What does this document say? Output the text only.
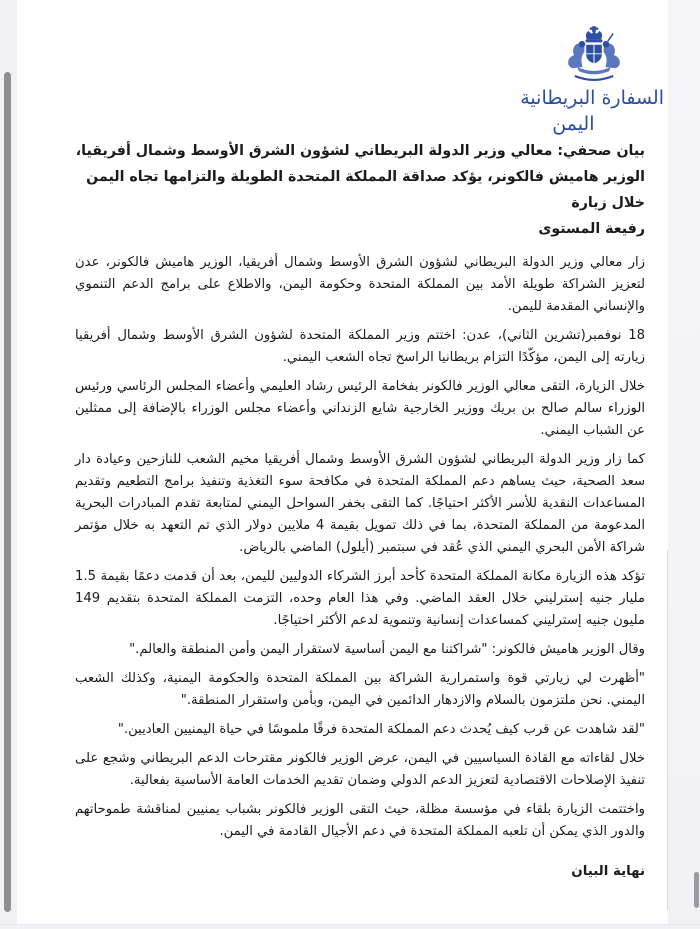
السفارة البريطانية
اليمن
بيان صحفي: معالي وزير الدولة البريطاني لشؤون الشرق الأوسط وشمال أفريقيا،
الوزير هاميش فالكونر، يؤكد صداقة المملكة المتحدة الطويلة والتزامها تجاه اليمن خلال زيارة
رفيعة المستوى

زار معالي وزير الدولة البريطاني لشؤون الشرق الأوسط وشمال أفريقيا، الوزير هاميش فالكونر، عدن لتعزيز الشراكة طويلة الأمد بين المملكة المتحدة وحكومة اليمن، والاطلاع على برامج الدعم التنموي والإنساني المقدمة لليمن.

18 نوفمبر(تشرين الثاني)، عدن: اختتم وزير المملكة المتحدة لشؤون الشرق الأوسط وشمال أفريقيا زيارته إلى اليمن، مؤكّدًا التزام بريطانيا الراسخ تجاه الشعب اليمني.

خلال الزيارة، التقى معالي الوزير فالكونر بفخامة الرئيس رشاد العليمي وأعضاء المجلس الرئاسي ورئيس الوزراء سالم صالح بن بريك ووزير الخارجية شايع الزنداني وأعضاء مجلس الوزراء بالإضافة إلى ممثلين عن الشباب اليمني.

كما زار وزير الدولة البريطاني لشؤون الشرق الأوسط وشمال أفريقيا مخيم الشعب للنازحين وعيادة دار سعد الصحية، حيث يساهم دعم المملكة المتحدة في مكافحة سوء التغذية وتنفيذ برامج التطعيم وتقديم المساعدات النقدية للأسر الأكثر احتياجًا. كما التقى بخفر السواحل اليمني لمتابعة تقدم المبادرات البحرية المدعومة من المملكة المتحدة، بما في ذلك تمويل بقيمة 4 ملايين دولار الذي تم التعهد به خلال مؤتمر شراكة الأمن البحري اليمني الذي عُقد في سبتمبر (أيلول) الماضي بالرياض.

تؤكد هذه الزيارة مكانة المملكة المتحدة كأحد أبرز الشركاء الدوليين لليمن، بعد أن قدمت دعمًا بقيمة 1.5 مليار جنيه إسترليني خلال العقد الماضي. وفي هذا العام وحده، التزمت المملكة المتحدة بتقديم 149 مليون جنيه إسترليني كمساعدات إنسانية وتنموية لدعم الأكثر احتياجًا.

وقال الوزير هاميش فالكونر: "شراكتنا مع اليمن أساسية لاستقرار اليمن وأمن المنطقة والعالم."

"أظهرت لي زيارتي قوة واستمرارية الشراكة بين المملكة المتحدة والحكومة اليمنية، وكذلك الشعب اليمني. نحن ملتزمون بالسلام والازدهار الدائمين في اليمن، وبأمن واستقرار المنطقة."

"لقد شاهدت عن قرب كيف يُحدث دعم المملكة المتحدة فرقًا ملموسًا في حياة اليمنيين العاديين."

خلال لقاءاته مع القادة السياسيين في اليمن، عرض الوزير فالكونر مقترحات الدعم البريطاني وشجع على تنفيذ الإصلاحات الاقتصادية لتعزيز الدعم الدولي وضمان تقديم الخدمات العامة الأساسية بفعالية.

واختتمت الزيارة بلقاء في مؤسسة مظلة، حيث التقى الوزير فالكونر بشباب يمنيين لمناقشة طموحاتهم والدور الذي يمكن أن تلعبه المملكة المتحدة في دعم الأجيال القادمة في اليمن.

نهاية البيان
